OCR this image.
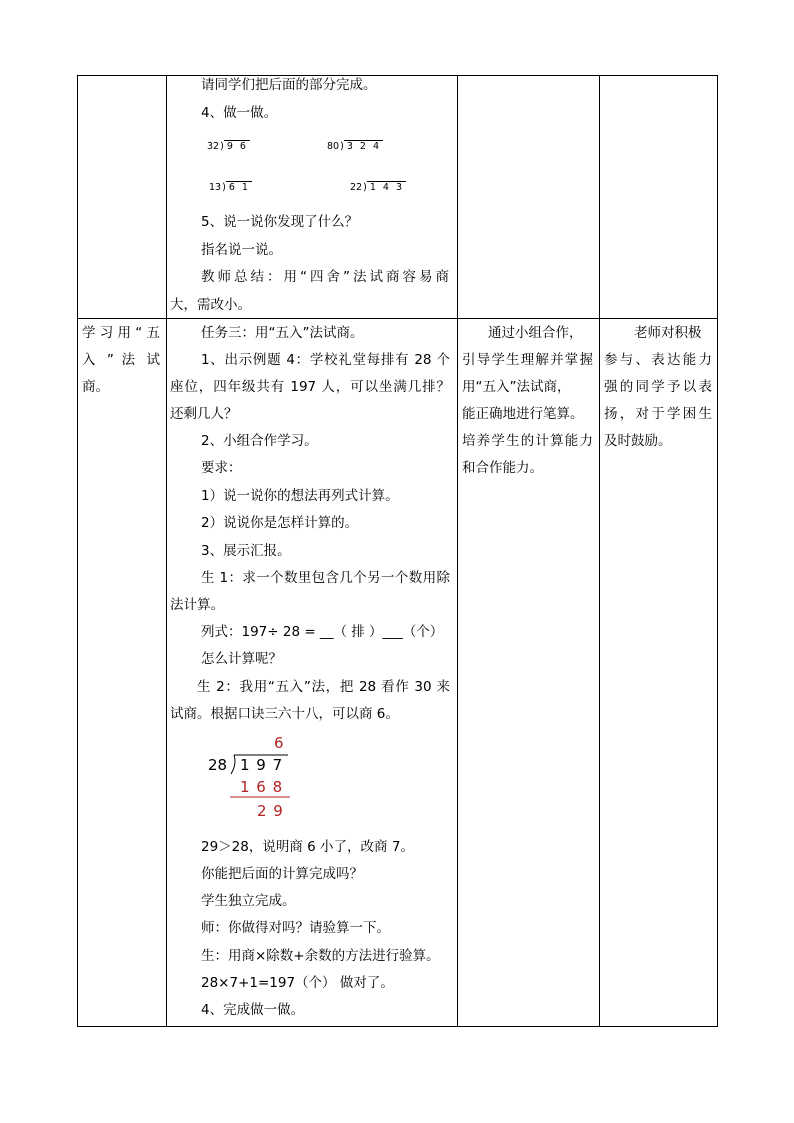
请同学们把后面的部分完成。
4、做一做。
32) 9 6	80) 3 2 4
13) 6 1	22) 1 4 3
5、说一说你发现了什么？
指名说一说。
教师总结：用“四舍”法试商容易商
大，需改小。
学习用“五
入 ” 法 试
商。
任务三：用“五入”法试商。
1、出示例题 4：学校礼堂每排有 28 个
座位，四年级共有 197 人，可以坐满几排？
还剩几人？
2、小组合作学习。
要求：
1）说一说你的想法再列式计算。
2）说说你是怎样计算的。
3、展示汇报。
生 1：求一个数里包含几个另一个数用除
法计算。
列式：197÷ 28 = __（ 排 ）___（个）
怎么计算呢？
生 2：我用“五入”法，把 28 看作 30 来
试商。根据口诀三六十八，可以商 6。
6
28 1 9 7
1 6 8
2 9
29＞28，说明商 6 小了，改商 7。
你能把后面的计算完成吗？
学生独立完成。
师：你做得对吗？请验算一下。
生：用商×除数+余数的方法进行验算。
28×7+1=197（个） 做对了。
4、完成做一做。
通过小组合作，
引导学生理解并掌握
用“五入”法试商，
能正确地进行笔算。
培养学生的计算能力
和合作能力。
老师对积极
参与、表达能力
强的同学予以表
扬，对于学困生
及时鼓励。
